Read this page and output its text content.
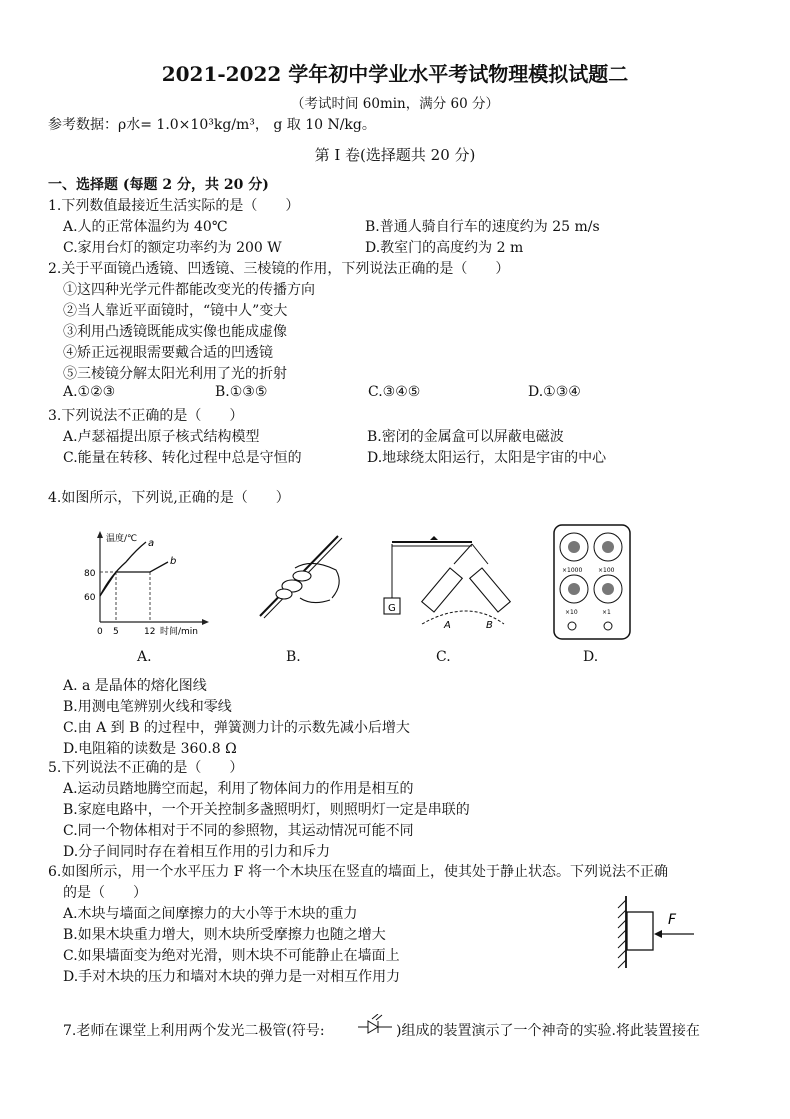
2021-2022 学年初中学业水平考试物理模拟试题二
（考试时间 60min，满分 60 分）
参考数据：ρ水= 1.0×10³kg/m³， g 取 10 N/kg。
第 I 卷(选择题共 20 分)
一、选择题 (每题 2 分，共 20 分)
1.下列数值最接近生活实际的是（　　）
A.人的正常体温约为 40℃	B.普通人骑自行车的速度约为 25 m/s
C.家用台灯的额定功率约为 200 W	D.教室门的高度约为 2 m
2.关于平面镜凸透镜、凹透镜、三棱镜的作用，下列说法正确的是（　　）
①这四种光学元件都能改变光的传播方向
②当人靠近平面镜时，“镜中人”变大
③利用凸透镜既能成实像也能成虚像
④矫正远视眼需要戴合适的凹透镜
⑤三棱镜分解太阳光利用了光的折射
A.①②③	B.①③⑤	C.③④⑤	D.①③④
3.下列说法不正确的是（　　）
A.卢瑟福提出原子核式结构模型	B.密闭的金属盒可以屏蔽电磁波
C.能量在转移、转化过程中总是守恒的	D.地球绕太阳运行，太阳是宇宙的中心
4.如图所示，下列说,正确的是（　　）
温度/℃ a
b
80
60
0 5	12 时间/min
G
A	B
×1000	×100
×10	×1
A.	B.	C.	D.
A. a 是晶体的熔化图线
B.用测电笔辨别火线和零线
C.由 A 到 B 的过程中，弹簧测力计的示数先减小后增大
D.电阻箱的读数是 360.8 Ω
5.下列说法不正确的是（　　）
A.运动员踏地腾空而起，利用了物体间力的作用是相互的
B.家庭电路中，一个开关控制多盏照明灯，则照明灯一定是串联的
C.同一个物体相对于不同的参照物，其运动情况可能不同
D.分子间同时存在着相互作用的引力和斥力
6.如图所示，用一个水平压力 F 将一个木块压在竖直的墙面上，使其处于静止状态。下列说法不正确
的是（　　）
A.木块与墙面之间摩擦力的大小等于木块的重力
B.如果木块重力增大，则木块所受摩擦力也随之增大
C.如果墙面变为绝对光滑，则木块不可能静止在墙面上
D.手对木块的压力和墙对木块的弹力是一对相互作用力
F
7.老师在课堂上利用两个发光二极管(符号:	)组成的装置演示了一个神奇的实验.将此装置接在
